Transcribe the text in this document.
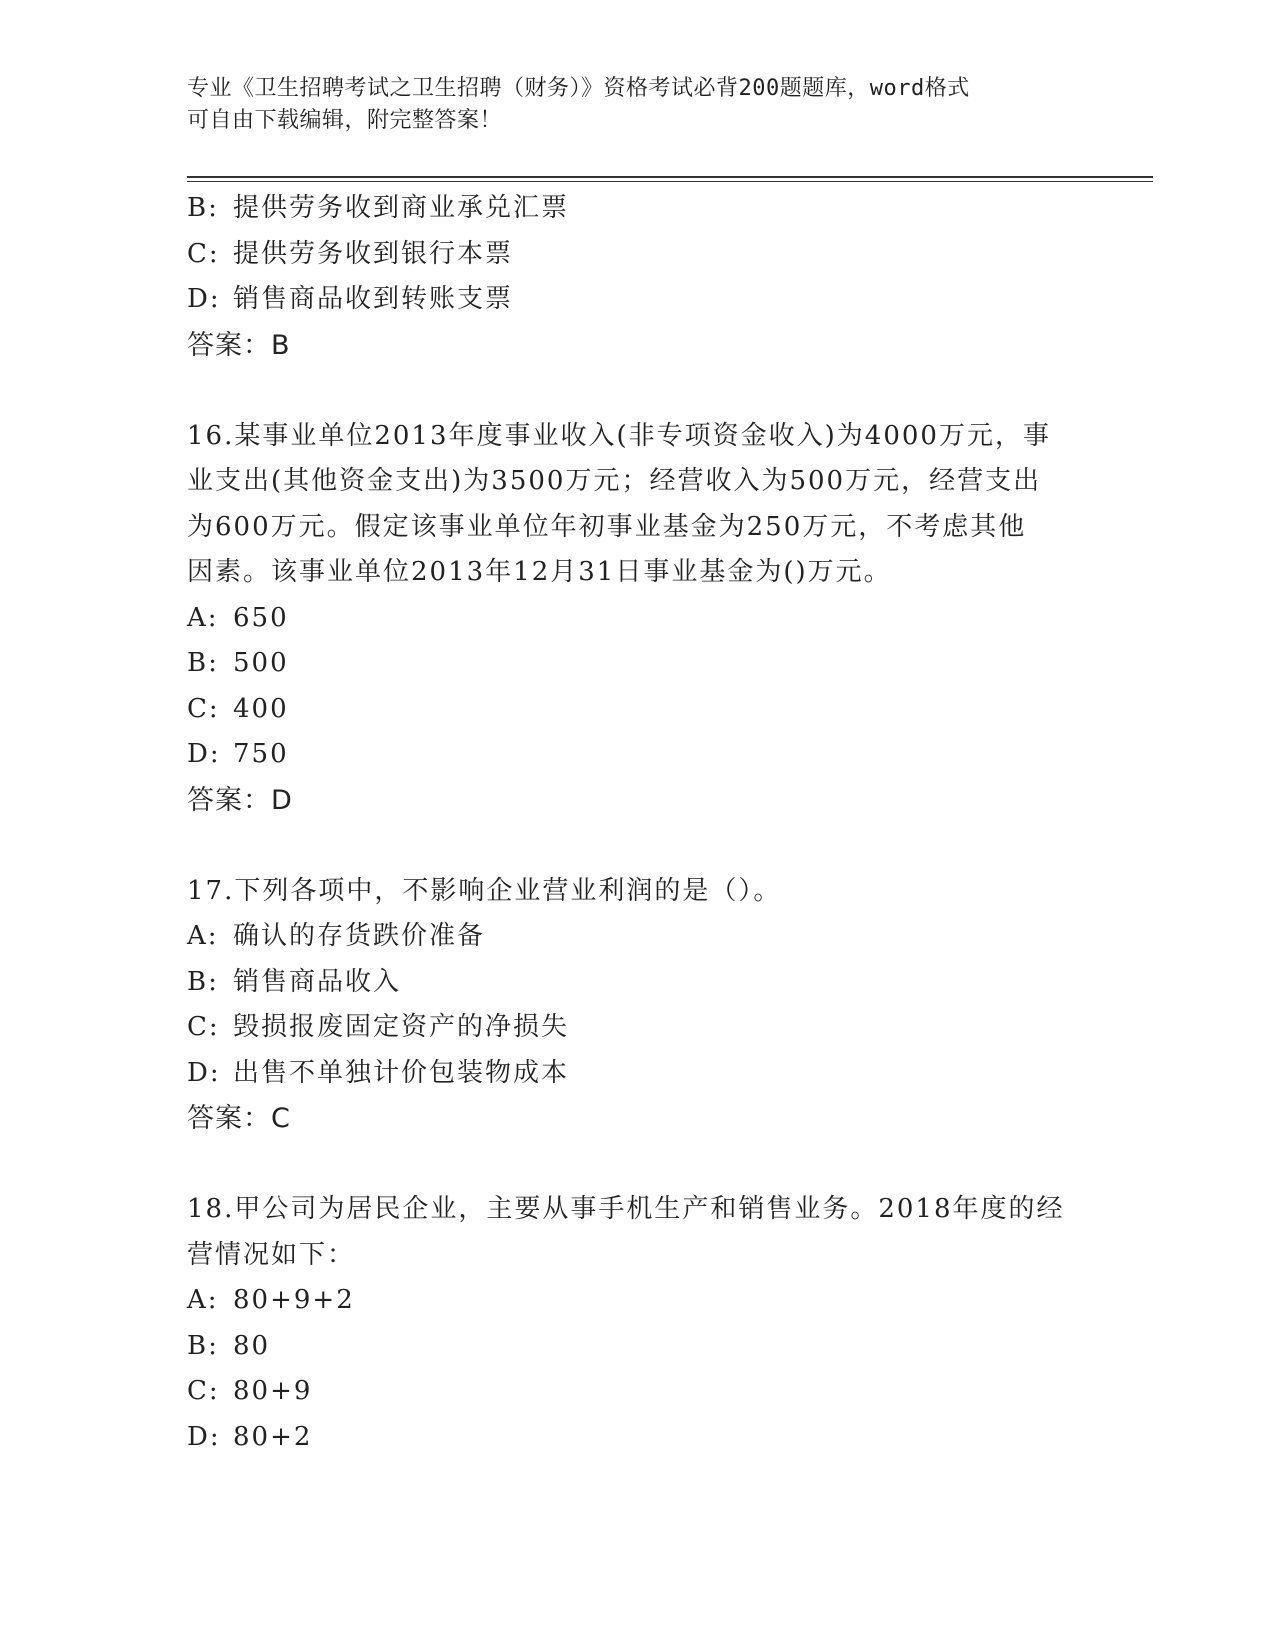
专业《卫生招聘考试之卫生招聘（财务）》资格考试必背200题题库，word格式
可自由下载编辑，附完整答案！
B: 提供劳务收到商业承兑汇票
C: 提供劳务收到银行本票
D: 销售商品收到转账支票
答案：B
16.某事业单位2013年度事业收入(非专项资金收入)为4000万元，事
业支出(其他资金支出)为3500万元；经营收入为500万元，经营支出
为600万元。假定该事业单位年初事业基金为250万元，不考虑其他
因素。该事业单位2013年12月31日事业基金为()万元。
A: 650
B: 500
C: 400
D: 750
答案：D
17.下列各项中，不影响企业营业利润的是（）。
A: 确认的存货跌价准备
B: 销售商品收入
C: 毁损报废固定资产的净损失
D: 出售不单独计价包装物成本
答案：C
18.甲公司为居民企业，主要从事手机生产和销售业务。2018年度的经
营情况如下：
A: 80+9+2
B: 80
C: 80+9
D: 80+2
